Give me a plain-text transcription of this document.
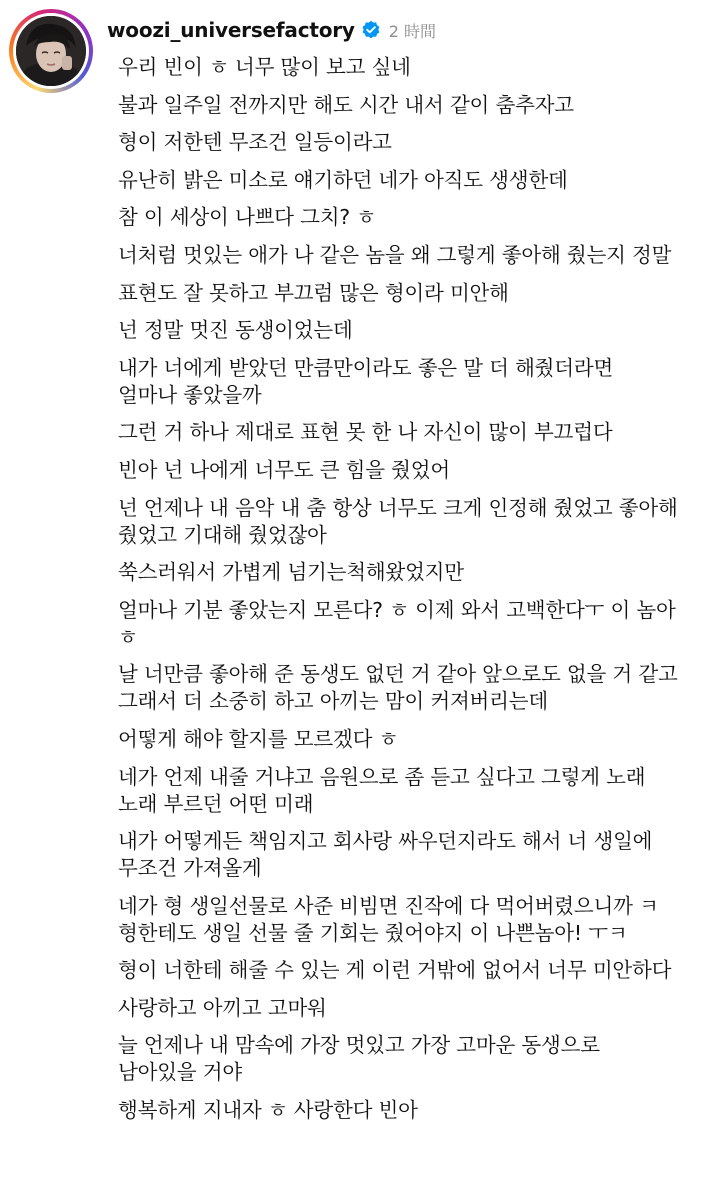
woozi_universefactory 2 時間
우리 빈이 ㅎ 너무 많이 보고 싶네
불과 일주일 전까지만 해도 시간 내서 같이 춤추자고
형이 저한텐 무조건 일등이라고
유난히 밝은 미소로 얘기하던 네가 아직도 생생한데
참 이 세상이 나쁘다 그치? ㅎ
너처럼 멋있는 애가 나 같은 놈을 왜 그렇게 좋아해 줬는지 정말
표현도 잘 못하고 부끄럼 많은 형이라 미안해
넌 정말 멋진 동생이었는데
내가 너에게 받았던 만큼만이라도 좋은 말 더 해줬더라면 얼마나 좋았을까
그런 거 하나 제대로 표현 못 한 나 자신이 많이 부끄럽다
빈아 넌 나에게 너무도 큰 힘을 줬었어
넌 언제나 내 음악 내 춤 항상 너무도 크게 인정해 줬었고 좋아해 줬었고 기대해 줬었잖아
쑥스러워서 가볍게 넘기는척해왔었지만
얼마나 기분 좋았는지 모른다? ㅎ 이제 와서 고백한다ㅜ 이 놈아 ㅎ
날 너만큼 좋아해 준 동생도 없던 거 같아 앞으로도 없을 거 같고 그래서 더 소중히 하고 아끼는 맘이 커져버리는데
어떻게 해야 할지를 모르겠다 ㅎ
네가 언제 내줄 거냐고 음원으로 좀 듣고 싶다고 그렇게 노래 노래 부르던 어떤 미래
내가 어떻게든 책임지고 회사랑 싸우던지라도 해서 너 생일에 무조건 가져올게
네가 형 생일선물로 사준 비빔면 진작에 다 먹어버렸으니까 ㅋ 형한테도 생일 선물 줄 기회는 줬어야지 이 나쁜놈아! ㅜㅋ
형이 너한테 해줄 수 있는 게 이런 거밖에 없어서 너무 미안하다
사랑하고 아끼고 고마워
늘 언제나 내 맘속에 가장 멋있고 가장 고마운 동생으로 남아있을 거야
행복하게 지내자 ㅎ 사랑한다 빈아
